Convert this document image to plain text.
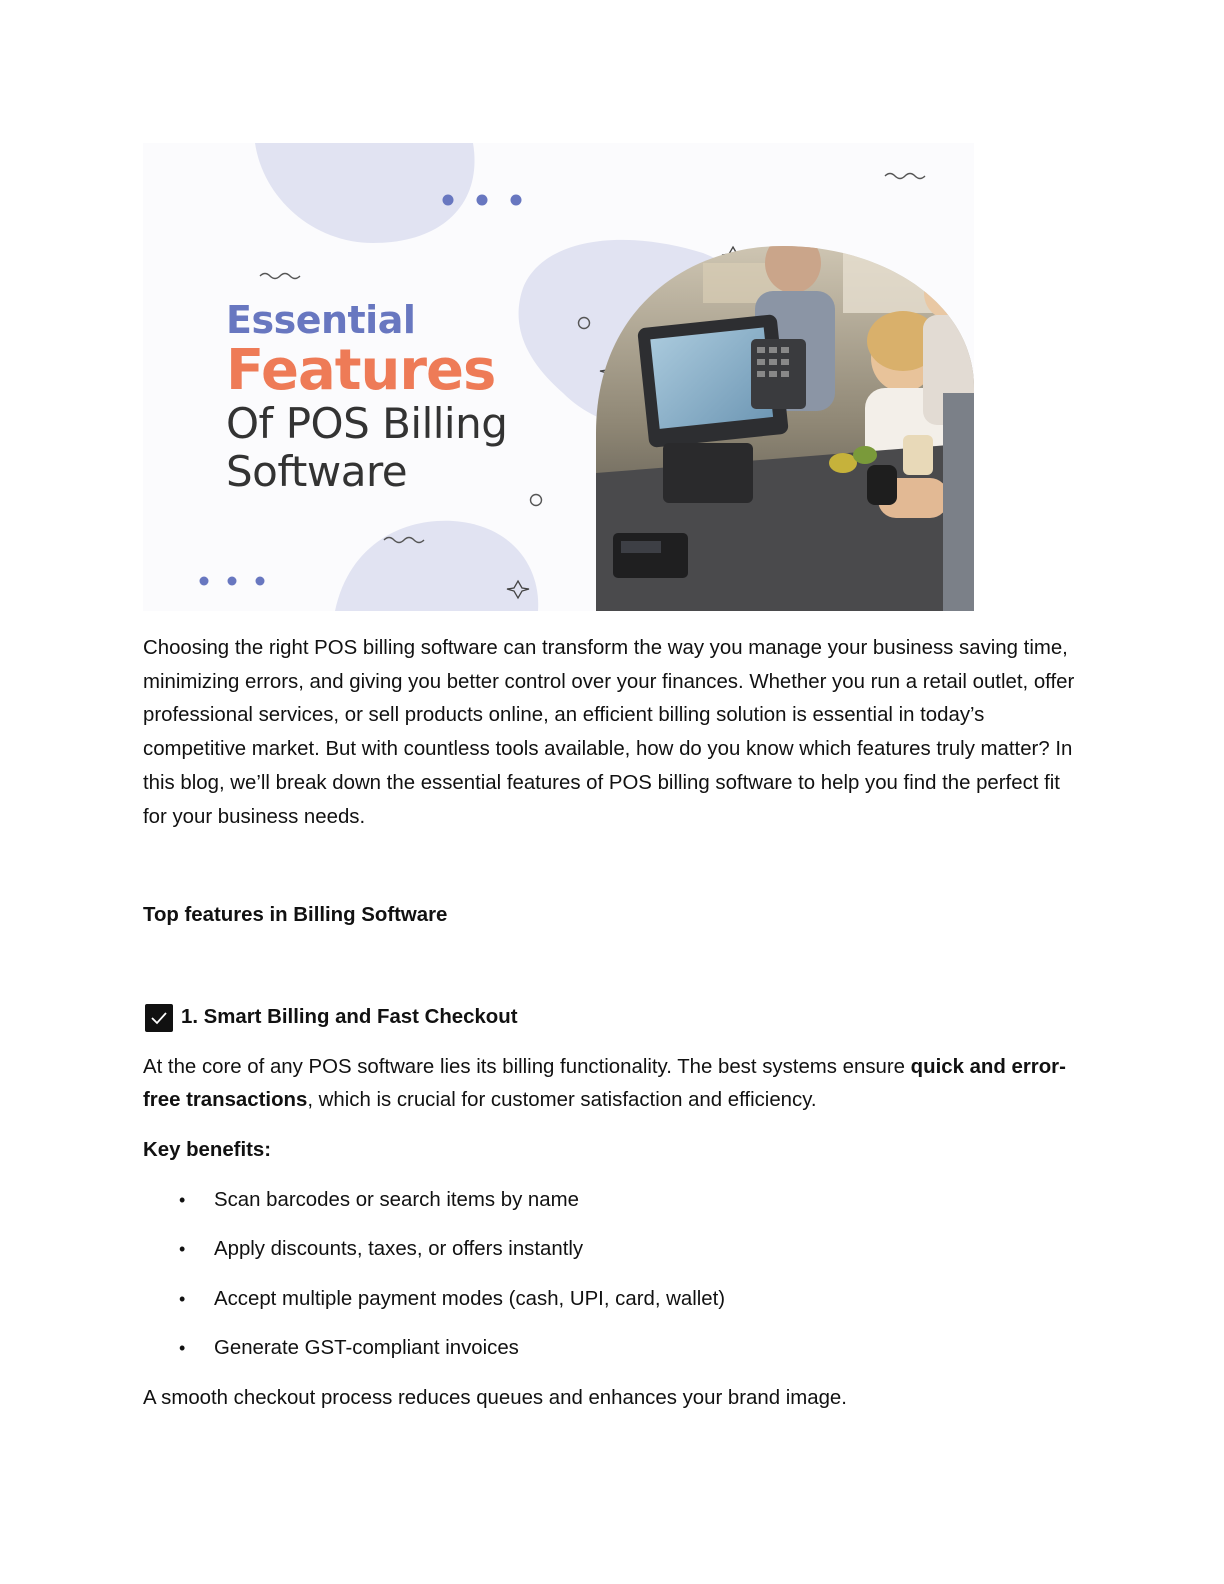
Essential
Features
Of POS Billing
Software

Choosing the right POS billing software can transform the way you manage your business saving time, minimizing errors, and giving you better control over your finances. Whether you run a retail outlet, offer professional services, or sell products online, an efficient billing solution is essential in today’s competitive market. But with countless tools available, how do you know which features truly matter? In this blog, we’ll break down the essential features of POS billing software to help you find the perfect fit for your business needs.

Top features in Billing Software

1. Smart Billing and Fast Checkout

At the core of any POS software lies its billing functionality. The best systems ensure quick and error-free transactions, which is crucial for customer satisfaction and efficiency.

Key benefits:

• Scan barcodes or search items by name
• Apply discounts, taxes, or offers instantly
• Accept multiple payment modes (cash, UPI, card, wallet)
• Generate GST-compliant invoices

A smooth checkout process reduces queues and enhances your brand image.
